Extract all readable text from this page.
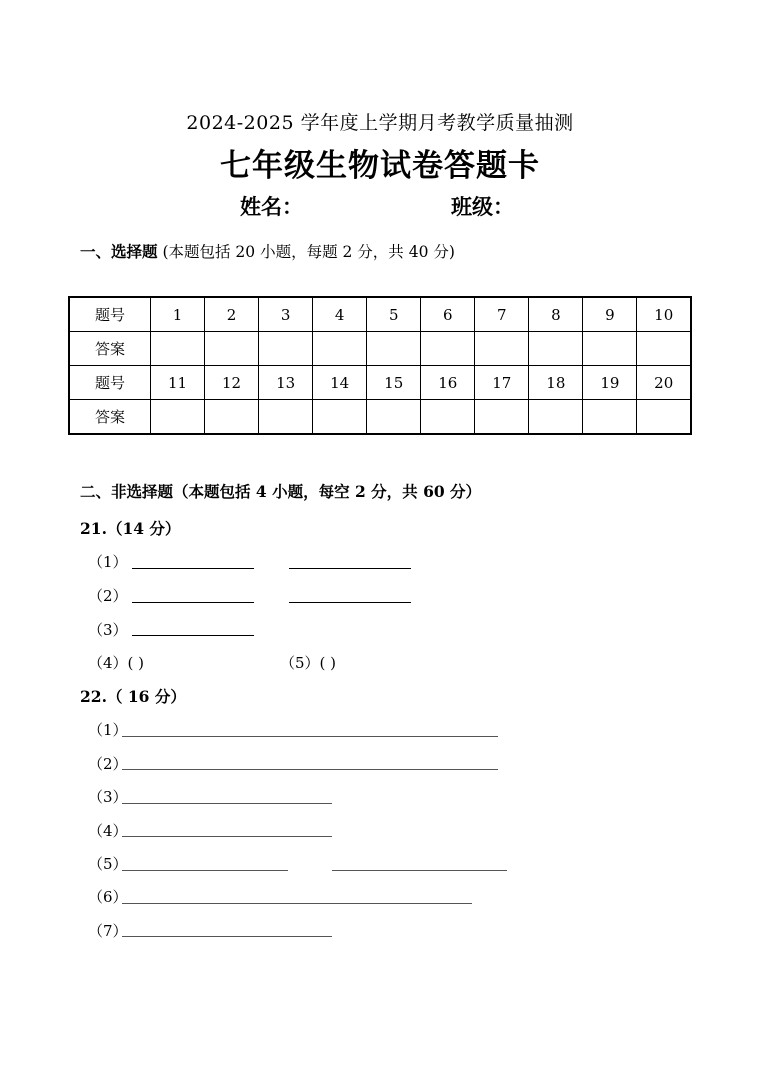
2024-2025 学年度上学期月考教学质量抽测
七年级生物试卷答题卡
姓名：	班级：
一、选择题 (本题包括 20 小题，每题 2 分，共 40 分)
题号	1	2	3	4	5	6	7	8	9	10
答案										
题号	11	12	13	14	15	16	17	18	19	20
答案										
二、非选择题（本题包括 4 小题，每空 2 分，共 60 分）
21.（14 分）
（1）
（2）
（3）
（4）( )	（5）( )
22.（ 16 分）
（1）
（2）
（3）
（4）
（5）
（6）
（7）
